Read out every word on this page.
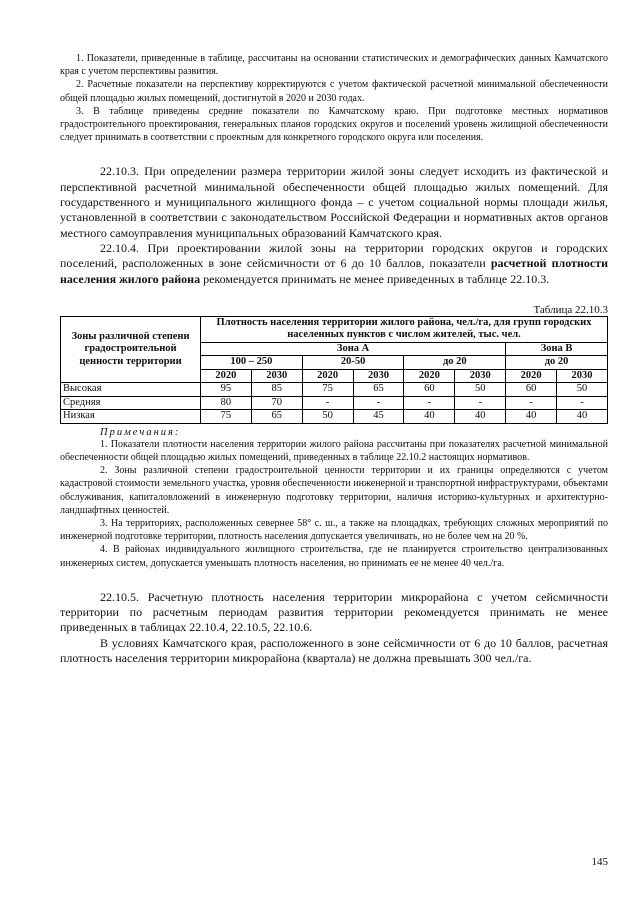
1. Показатели, приведенные в таблице, рассчитаны на основании статистических и демографических данных Камчатского края с учетом перспективы развития.

2. Расчетные показатели на перспективу корректируются с учетом фактической расчетной минимальной обеспеченности общей площадью жилых помещений, достигнутой в 2020 и 2030 годах.

3. В таблице приведены средние показатели по Камчатскому краю. При подготовке местных нормативов градостроительного проектирования, генеральных планов городских округов и поселений уровень жилищной обеспеченности следует принимать в соответствии с проектным для конкретного городского округа или поселения.

22.10.3. При определении размера территории жилой зоны следует исходить из фактической и перспективной расчетной минимальной обеспеченности общей площадью жилых помещений. Для государственного и муниципального жилищного фонда – с учетом социальной нормы площади жилья, установленной в соответствии с законодательством Российской Федерации и нормативных актов органов местного самоуправления муниципальных образований Камчатского края.

22.10.4. При проектировании жилой зоны на территории городских округов и городских поселений, расположенных в зоне сейсмичности от 6 до 10 баллов, показатели расчетной плотности населения жилого района рекомендуется принимать не менее приведенных в таблице 22.10.3.

Таблица 22.10.3
Зоны различной степени градостроительной ценности территории	Плотность населения территории жилого района, чел./га, для групп городских населенных пунктов с числом жителей, тыс. чел.							
	Зона А						Зона В	
	100 – 250		20-50		до 20		до 20	
	2020	2030	2020	2030	2020	2030	2020	2030
Высокая	95	85	75	65	60	50	60	50
Средняя	80	70	-	-	-	-	-	-
Низкая	75	65	50	45	40	40	40	40
Примечания:

1. Показатели плотности населения территории жилого района рассчитаны при показателях расчетной минимальной обеспеченности общей площадью жилых помещений, приведенных в таблице 22.10.2 настоящих нормативов.

2. Зоны различной степени градостроительной ценности территории и их границы определяются с учетом кадастровой стоимости земельного участка, уровня обеспеченности инженерной и транспортной инфраструктурами, объектами обслуживания, капиталовложений в инженерную подготовку территории, наличия историко-культурных и архитектурно-ландшафтных ценностей.

3. На территориях, расположенных севернее 58° с. ш., а также на площадках, требующих сложных мероприятий по инженерной подготовке территории, плотность населения допускается увеличивать, но не более чем на 20 %.

4. В районах индивидуального жилищного строительства, где не планируется строительство централизованных инженерных систем, допускается уменьшать плотность населения, но принимать ее не менее 40 чел./га.

22.10.5. Расчетную плотность населения территории микрорайона с учетом сейсмичности территории по расчетным периодам развития территории рекомендуется принимать не менее приведенных в таблицах 22.10.4, 22.10.5, 22.10.6.

В условиях Камчатского края, расположенного в зоне сейсмичности от 6 до 10 баллов, расчетная плотность населения территории микрорайона (квартала) не должна превышать 300 чел./га.

145
